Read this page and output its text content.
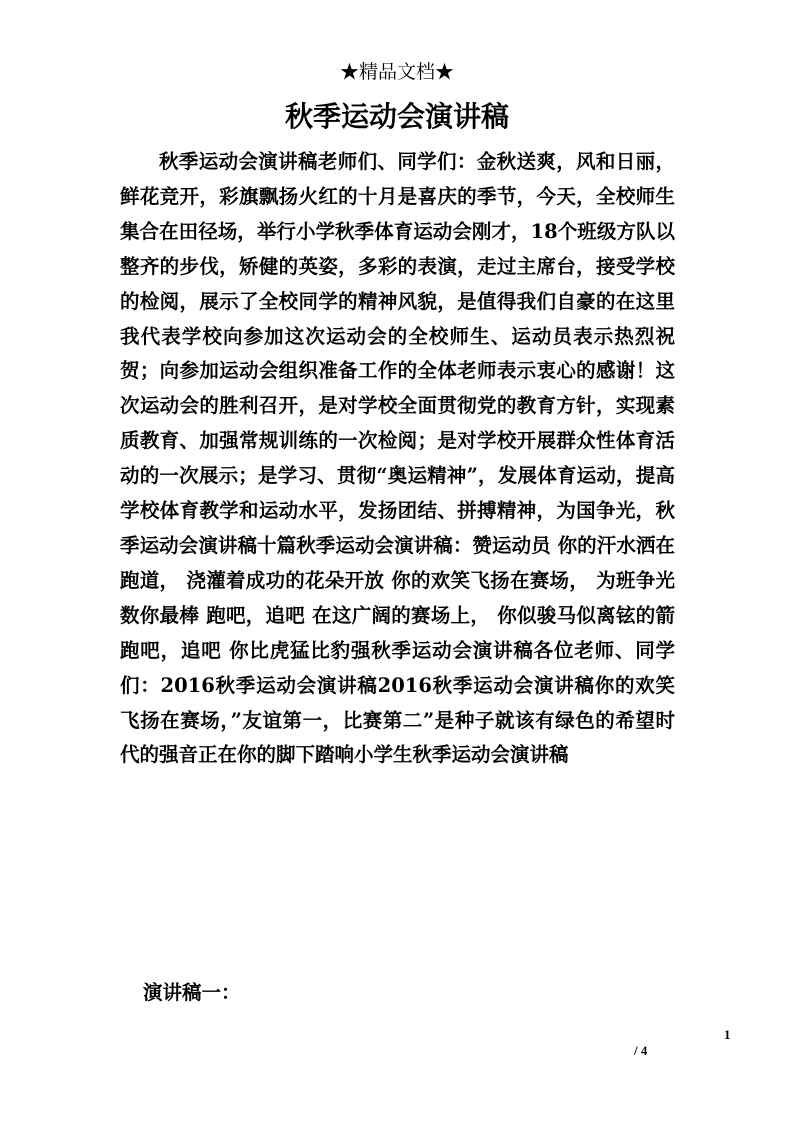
★精品文档★
秋季运动会演讲稿
秋季运动会演讲稿老师们、同学们：金秋送爽，风和日丽，鲜花竞开，彩旗飘扬火红的十月是喜庆的季节，今天，全校师生集合在田径场，举行小学秋季体育运动会刚才，18个班级方队以整齐的步伐，矫健的英姿，多彩的表演，走过主席台，接受学校的检阅，展示了全校同学的精神风貌，是值得我们自豪的在这里我代表学校向参加这次运动会的全校师生、运动员表示热烈祝贺；向参加运动会组织准备工作的全体老师表示衷心的感谢！这次运动会的胜利召开，是对学校全面贯彻党的教育方针，实现素质教育、加强常规训练的一次检阅；是对学校开展群众性体育活动的一次展示；是学习、贯彻“奥运精神”，发展体育运动，提高学校体育教学和运动水平，发扬团结、拼搏精神，为国争光，秋季运动会演讲稿十篇秋季运动会演讲稿：赞运动员 你的汗水洒在跑道， 浇灌着成功的花朵开放 你的欢笑飞扬在赛场， 为班争光数你最棒 跑吧，追吧 在这广阔的赛场上， 你似骏马似离铉的箭 跑吧，追吧 你比虎猛比豹强秋季运动会演讲稿各位老师、同学们：2016秋季运动会演讲稿2016秋季运动会演讲稿你的欢笑飞扬在赛场，”友谊第一，比赛第二”是种子就该有绿色的希望时代的强音正在你的脚下踏响小学生秋季运动会演讲稿
演讲稿一：
1
/ 4
